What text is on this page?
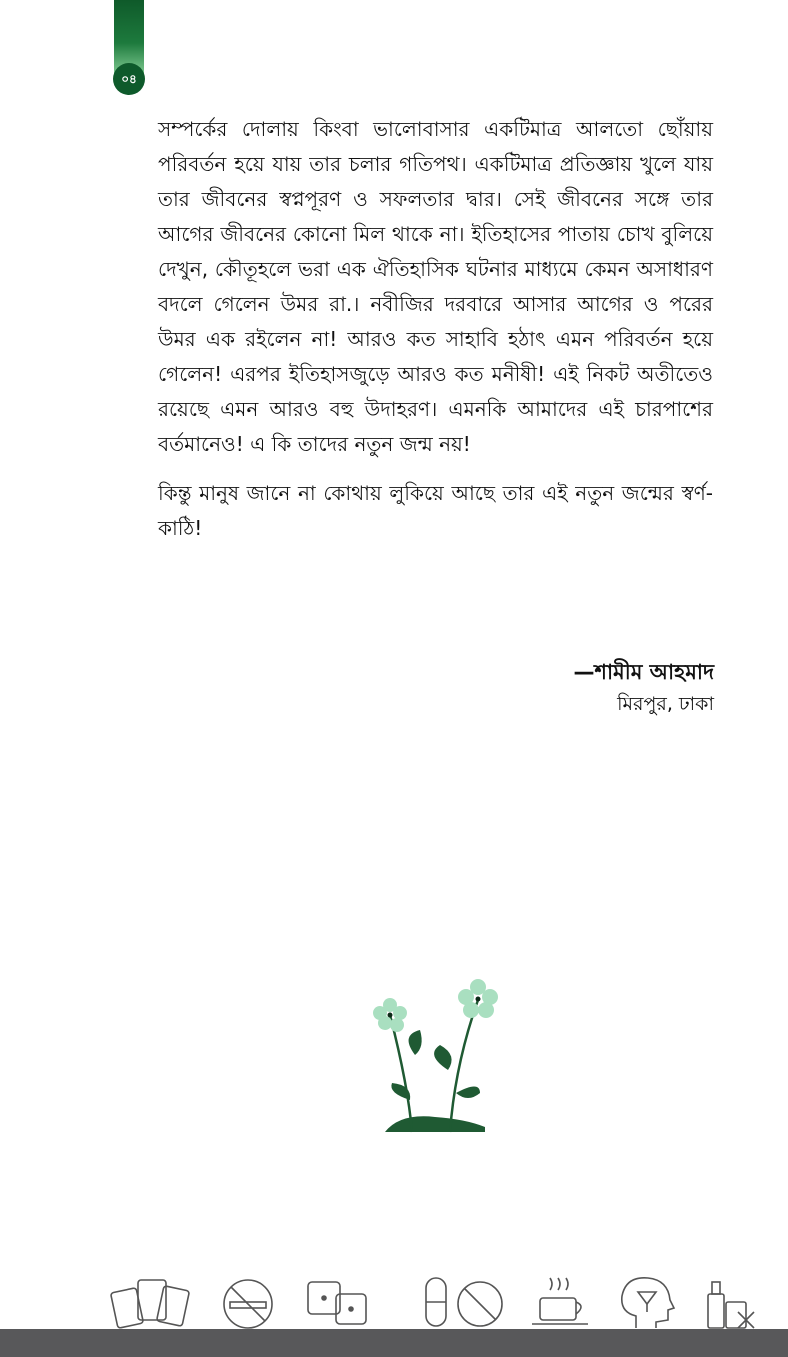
০৪

সম্পর্কের দোলায় কিংবা ভালোবাসার একটিমাত্র আলতো ছোঁয়ায় পরিবর্তন হয়ে যায় তার চলার গতিপথ। একটিমাত্র প্রতিজ্ঞায় খুলে যায় তার জীবনের স্বপ্নপূরণ ও সফলতার দ্বার। সেই জীবনের সঙ্গে তার আগের জীবনের কোনো মিল থাকে না। ইতিহাসের পাতায় চোখ বুলিয়ে দেখুন, কৌতূহলে ভরা এক ঐতিহাসিক ঘটনার মাধ্যমে কেমন অসাধারণ বদলে গেলেন উমর রা.। নবীজির দরবারে আসার আগের ও পরের উমর এক রইলেন না! আরও কত সাহাবি হঠাৎ এমন পরিবর্তন হয়ে গেলেন! এরপর ইতিহাসজুড়ে আরও কত মনীষী! এই নিকট অতীতেও রয়েছে এমন আরও বহু উদাহরণ। এমনকি আমাদের এই চারপাশের বর্তমানেও! এ কি তাদের নতুন জন্ম নয়!

কিন্তু মানুষ জানে না কোথায় লুকিয়ে আছে তার এই নতুন জন্মের স্বর্ণ-কাঠি!

—শামীম আহমাদ
মিরপুর, ঢাকা
